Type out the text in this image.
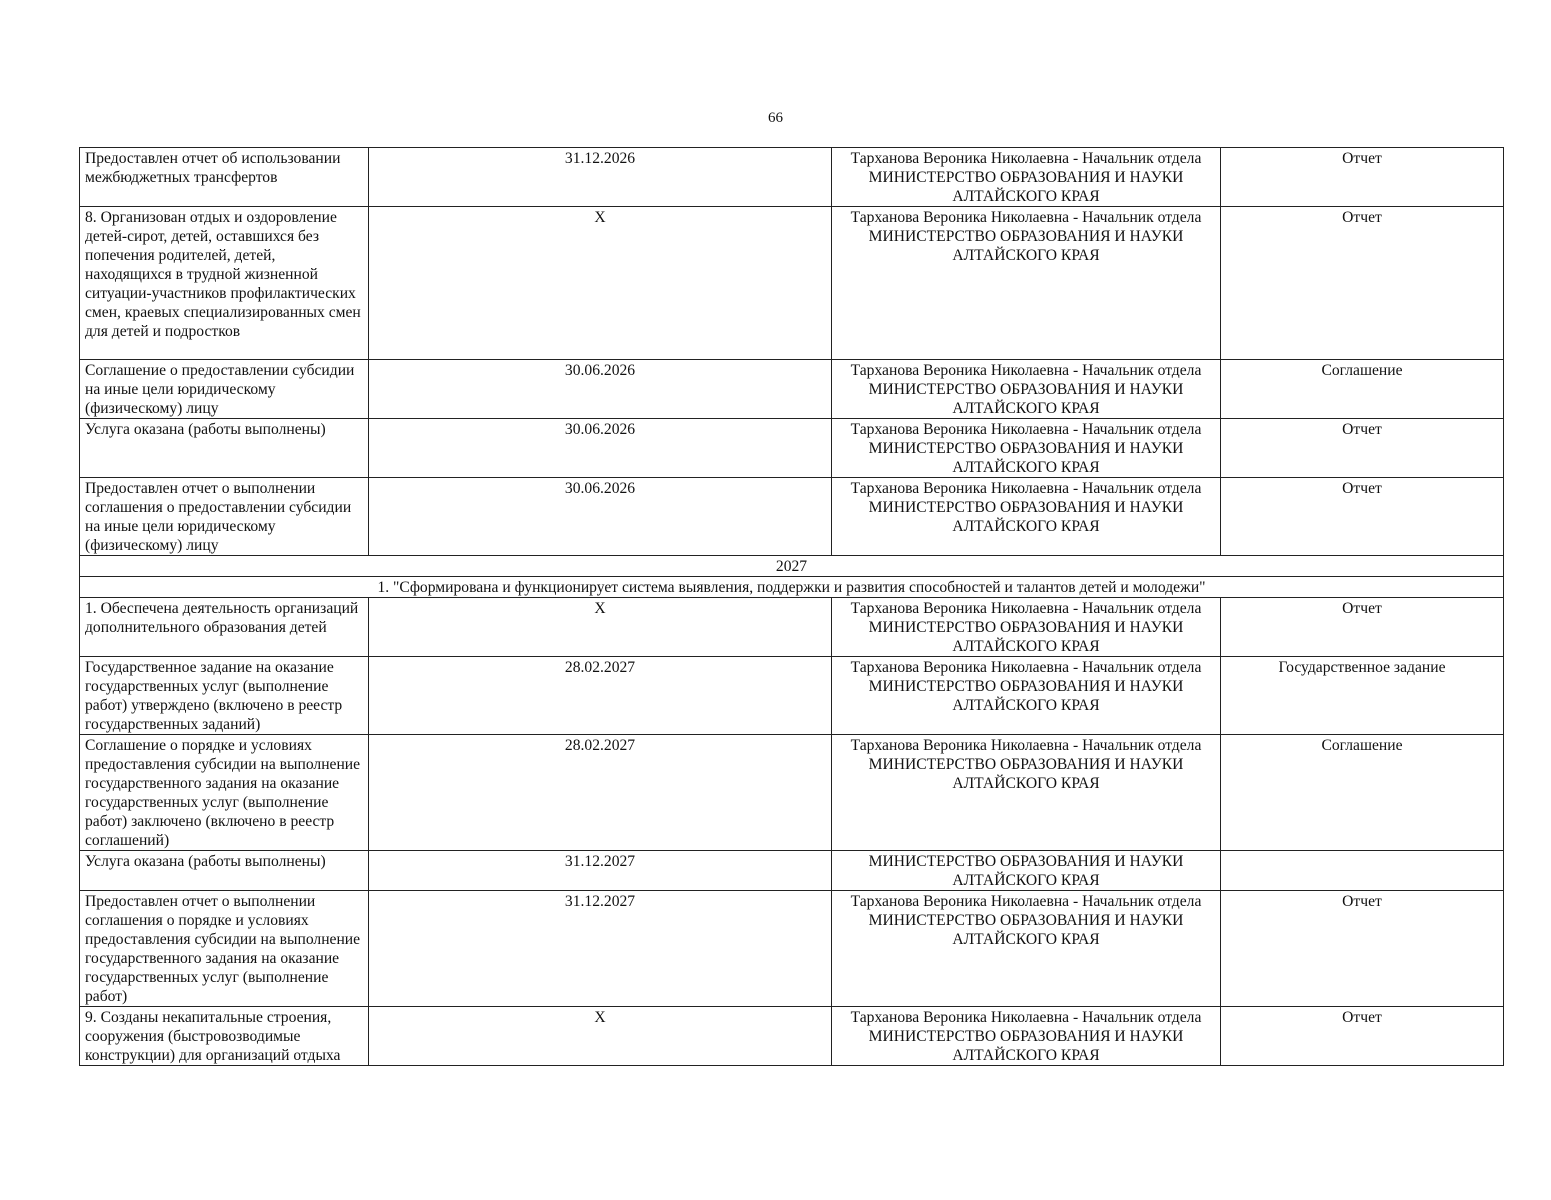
66
Предоставлен отчет об использовании межбюджетных трансфертов	31.12.2026	Тарханова Вероника Николаевна - Начальник отдела
МИНИСТЕРСТВО ОБРАЗОВАНИЯ И НАУКИ АЛТАЙСКОГО КРАЯ	Отчет
8. Организован отдых и оздоровление детей-сирот, детей, оставшихся без попечения родителей, детей, находящихся в трудной жизненной ситуации-участников профилактических смен, краевых специализированных смен для детей и подростков	Х	Тарханова Вероника Николаевна - Начальник отдела
МИНИСТЕРСТВО ОБРАЗОВАНИЯ И НАУКИ АЛТАЙСКОГО КРАЯ	Отчет
Соглашение о предоставлении субсидии на иные цели юридическому (физическому) лицу	30.06.2026	Тарханова Вероника Николаевна - Начальник отдела
МИНИСТЕРСТВО ОБРАЗОВАНИЯ И НАУКИ АЛТАЙСКОГО КРАЯ	Соглашение
Услуга оказана (работы выполнены)	30.06.2026	Тарханова Вероника Николаевна - Начальник отдела
МИНИСТЕРСТВО ОБРАЗОВАНИЯ И НАУКИ АЛТАЙСКОГО КРАЯ	Отчет
Предоставлен отчет о выполнении соглашения о предоставлении субсидии на иные цели юридическому (физическому) лицу	30.06.2026	Тарханова Вероника Николаевна - Начальник отдела
МИНИСТЕРСТВО ОБРАЗОВАНИЯ И НАУКИ АЛТАЙСКОГО КРАЯ	Отчет
2027			
1. "Сформирована и функционирует система выявления, поддержки и развития способностей и талантов детей и молодежи"			
1. Обеспечена деятельность организаций дополнительного образования детей	Х	Тарханова Вероника Николаевна - Начальник отдела
МИНИСТЕРСТВО ОБРАЗОВАНИЯ И НАУКИ АЛТАЙСКОГО КРАЯ	Отчет
Государственное задание на оказание государственных услуг (выполнение работ) утверждено (включено в реестр государственных заданий)	28.02.2027	Тарханова Вероника Николаевна - Начальник отдела
МИНИСТЕРСТВО ОБРАЗОВАНИЯ И НАУКИ АЛТАЙСКОГО КРАЯ	Государственное задание
Соглашение о порядке и условиях предоставления субсидии на выполнение государственного задания на оказание государственных услуг (выполнение работ) заключено (включено в реестр соглашений)	28.02.2027	Тарханова Вероника Николаевна - Начальник отдела
МИНИСТЕРСТВО ОБРАЗОВАНИЯ И НАУКИ АЛТАЙСКОГО КРАЯ	Соглашение
Услуга оказана (работы выполнены)	31.12.2027	МИНИСТЕРСТВО ОБРАЗОВАНИЯ И НАУКИ АЛТАЙСКОГО КРАЯ	

Предоставлен отчет о выполнении соглашения о порядке и условиях предоставления субсидии на выполнение государственного задания на оказание государственных услуг (выполнение работ)	31.12.2027	Тарханова Вероника Николаевна - Начальник отдела
МИНИСТЕРСТВО ОБРАЗОВАНИЯ И НАУКИ АЛТАЙСКОГО КРАЯ	Отчет
9. Созданы некапитальные строения, сооружения (быстровозводимые конструкции) для организаций отдыха	Х	Тарханова Вероника Николаевна - Начальник отдела
МИНИСТЕРСТВО ОБРАЗОВАНИЯ И НАУКИ АЛТАЙСКОГО КРАЯ	Отчет
